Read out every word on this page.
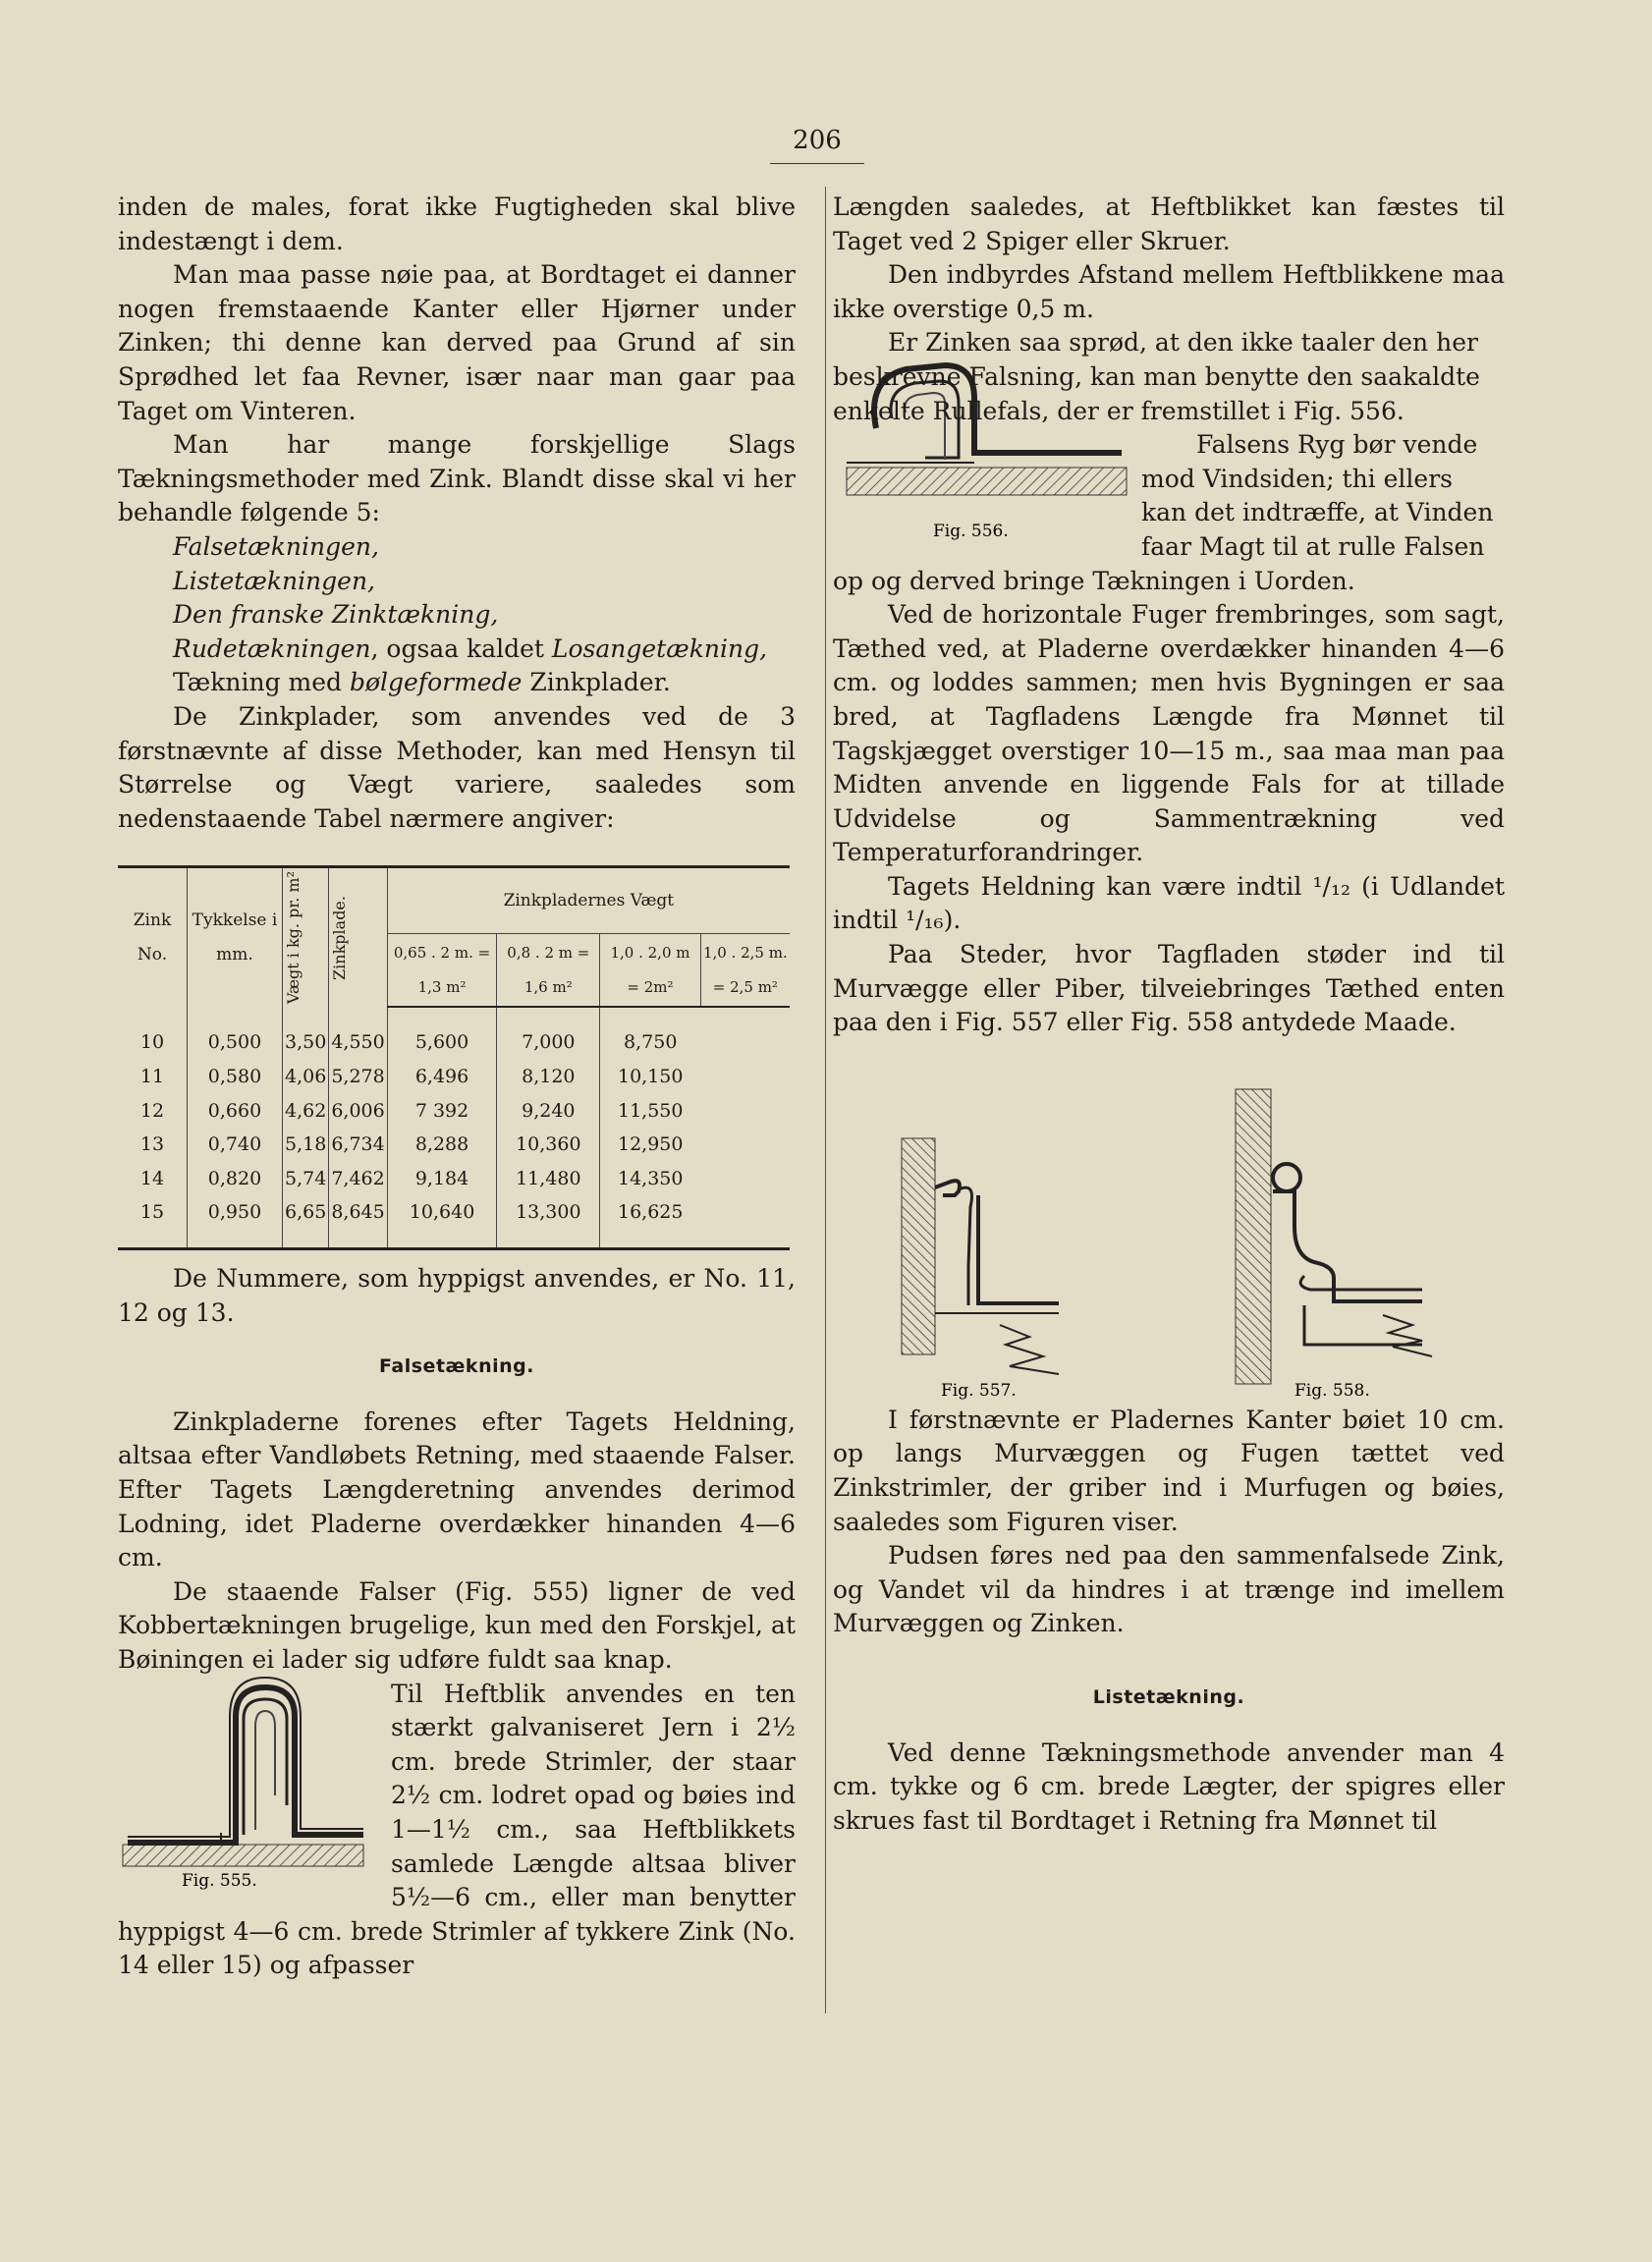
206

inden de males, forat ikke Fugtigheden skal blive indestængt i dem.

Man maa passe nøie paa, at Bordtaget ei danner nogen fremstaaende Kanter eller Hjørner under Zinken; thi denne kan derved paa Grund af sin Sprødhed let faa Revner, især naar man gaar paa Taget om Vinteren.

Man har mange forskjellige Slags Tækningsmethoder med Zink. Blandt disse skal vi her behandle følgende 5:

Falsetækningen,

Listetækningen,

Den franske Zinktækning,

Rudetækningen, ogsaa kaldet Losangetækning,

Tækning med bølgeformede Zinkplader.

De Zinkplader, som anvendes ved de 3 førstnævnte af disse Methoder, kan med Hensyn til Størrelse og Vægt variere, saaledes som nedenstaaende Tabel nærmere angiver:

Zink No.	Tykkelse i mm.	Vægt i kg. pr. m²	Zinkplade.	Zinkpladernes Vægt			
				0,65 . 2 m. = 1,3 m²	0,8 . 2 m = 1,6 m²	1,0 . 2,0 m = 2m²	1,0 . 2,5 m. = 2,5 m²
10	0,500	3,50	4,550	5,600	7,000	8,750	
11	0,580	4,06	5,278	6,496	8,120	10,150	
12	0,660	4,62	6,006	7 392	9,240	11,550	
13	0,740	5,18	6,734	8,288	10,360	12,950	
14	0,820	5,74	7,462	9,184	11,480	14,350	
15	0,950	6,65	8,645	10,640	13,300	16,625	

De Nummere, som hyppigst anvendes, er No. 11, 12 og 13.

Falsetækning.

Zinkpladerne forenes efter Tagets Heldning, altsaa efter Vandløbets Retning, med staaende Falser. Efter Tagets Længderetning anvendes derimod Lodning, idet Pladerne overdækker hinanden 4—6 cm.

De staaende Falser (Fig. 555) ligner de ved Kobbertækningen brugelige, kun med den Forskjel, at Bøiningen ei lader sig udføre fuldt saa knap.

Fig. 555.

Til Heftblik anvendes en ten stærkt galvaniseret Jern i 2½ cm. brede Strimler, der staar 2½ cm. lodret opad og bøies ind 1—1½ cm., saa Heftblikkets samlede Længde altsaa bliver 5½—6 cm., eller man benytter hyppigst 4—6 cm. brede Strimler af tykkere Zink (No. 14 eller 15) og afpasser

Længden saaledes, at Heftblikket kan fæstes til Taget ved 2 Spiger eller Skruer.

Den indbyrdes Afstand mellem Heftblikkene maa ikke overstige 0,5 m.

Er Zinken saa sprød, at den ikke taaler den her beskrevne Falsning, kan man benytte den saakaldte enkelte Rullefals, der er fremstillet i Fig. 556.

Fig. 556.

Falsens Ryg bør vende mod Vindsiden; thi ellers kan det indtræffe, at Vinden faar Magt til at rulle Falsen op og derved bringe Tækningen i Uorden.

Ved de horizontale Fuger frembringes, som sagt, Tæthed ved, at Pladerne overdækker hinanden 4—6 cm. og loddes sammen; men hvis Bygningen er saa bred, at Tagfladens Længde fra Mønnet til Tagskjægget overstiger 10—15 m., saa maa man paa Midten anvende en liggende Fals for at tillade Udvidelse og Sammentrækning ved Temperaturforandringer.

Tagets Heldning kan være indtil ¹/₁₂ (i Udlandet indtil ¹/₁₆).

Paa Steder, hvor Tagfladen støder ind til Murvægge eller Piber, tilveiebringes Tæthed enten paa den i Fig. 557 eller Fig. 558 antydede Maade.

Fig. 557.	Fig. 558.

I førstnævnte er Pladernes Kanter bøiet 10 cm. op langs Murvæggen og Fugen tættet ved Zinkstrimler, der griber ind i Murfugen og bøies, saaledes som Figuren viser.

Pudsen føres ned paa den sammenfalsede Zink, og Vandet vil da hindres i at trænge ind imellem Murvæggen og Zinken.

Listetækning.

Ved denne Tækningsmethode anvender man 4 cm. tykke og 6 cm. brede Lægter, der spigres eller skrues fast til Bordtaget i Retning fra Mønnet til
